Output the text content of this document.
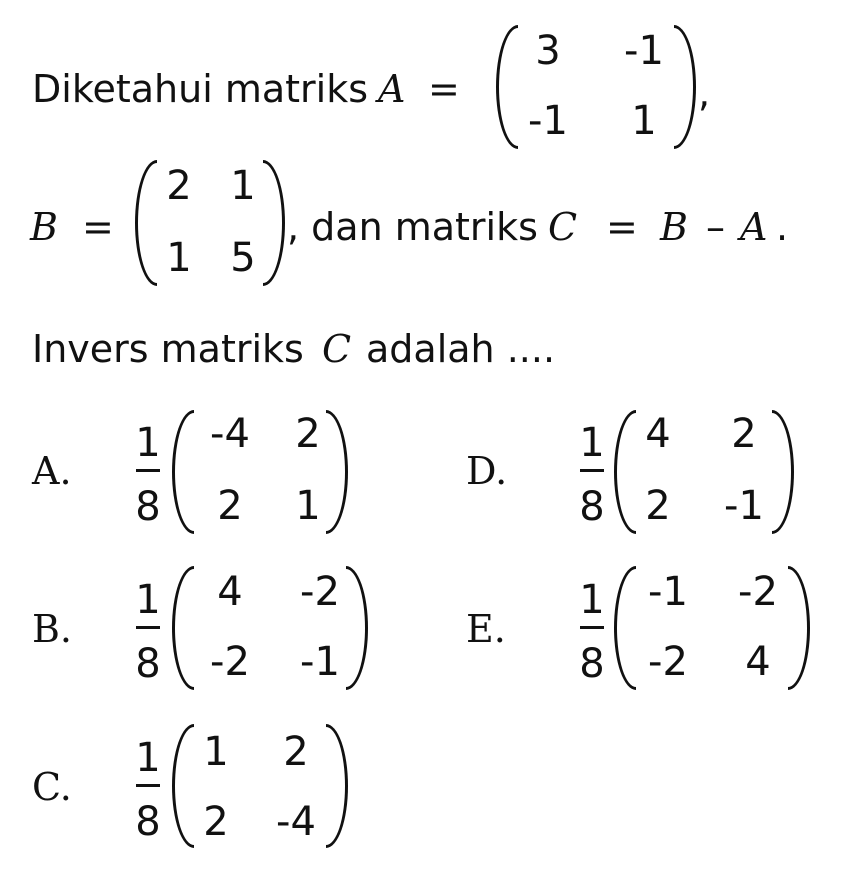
Diketahui matriks A =
3 -1
-1 1
,
B =
2 1
1 5
, dan matriks C = B – A .
Invers matriks C adalah ....
A.
1
8
-4 2
2 1
B.
1
8
4 -2
-2 -1
C.
1
8
1 2
2 -4
D.
1
8
4 2
2 -1
E.
1
8
-1 -2
-2 4
